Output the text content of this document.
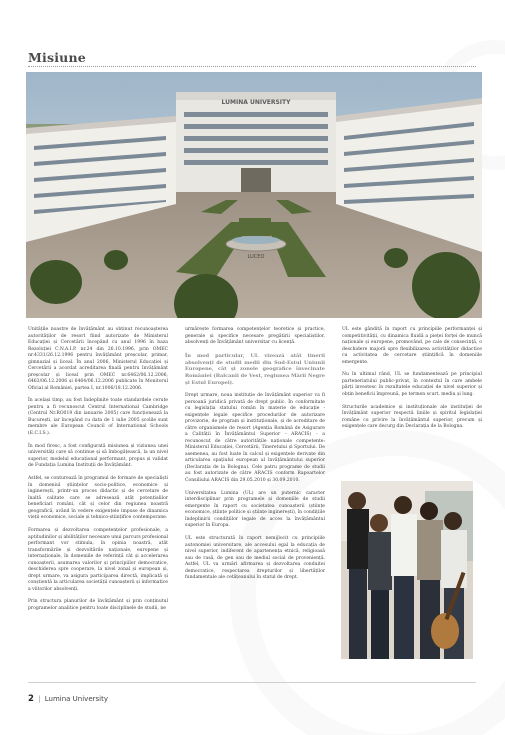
Misiune
LUMINA UNIVERSITY
LUCEO

Unitățile noastre de învățământ au obținut recunoașterea autorităților de resort fiind autorizate de Ministerul Educației și Cercetării începând cu anul 1996 în baza Rezoluției C.N.A.I.P. nr.24 din 26.10.1996, prin OMEC nr.4331/26.12.1996 pentru învățământ preșcolar, primar, gimnazial și liceal. În anul 2006, Ministerul Educației și Cercetării a acordat acreditarea finală pentru învățământ preșcolar și liceal prin OMEC nr.6462/06.12.2006, 6463/06.12.2006 și 6464/06.12.2006 publicate în Monitorul Oficial al României, partea I, nr.1006/18.12.2006.

În același timp, au fost îndeplinite toate standardele cerute pentru a fi recunoscut Centrul International Cambridge (Centrul Nr.RO019 din ianuarie 2005) care funcționează la București, iar începând cu data de 1 iulie 2005 școlile sunt membre ale European Council of International Schools (E.C.I.S.).

În mod firesc, a fost configurată misiunea și viziunea unei universități care să continue și să îmbogățească, la un nivel superior, modelul educațional performant, propus și validat de Fundația Lumina Instituții de Învățământ.

Astfel, se conturează în programul de formare de specialiști în domeniul științelor socio-politice, economice și inginerești, printr-un proces didactic și de cercetare de înaltă calitate care se adresează atât potențialilor beneficiari români, cât și celor din regiunea noastră geografică, având în vedere exigențele impuse de dinamica vieții economice, sociale și tehnico-științifice contemporane.

Formarea și dezvoltarea competențelor profesionale, a aptitudinilor și abilităților necesare unui parcurs profesional performant vor stimula, în opinia noastră, atât transformările și dezvoltările naționale, europene și internaționale, în domeniile de referință cât și accelerarea cunoașterii, asumarea valorilor și principiilor democratice, deschiderea spre cooperare, la nivel zonal și european și, drept urmare, va asigura participarea directă, implicată și conștientă la articularea societății cunoașterii și informatice a viitorilor absolvenți.

Prin structura planurilor de învățământ și prin conținutul programelor analitice pentru toate disciplinele de studii, ne

urmărește formarea competențelor teoretice și practice, generale și specifice necesare pregătirii specialiștilor, absolvenți de Învățământ universitar cu licență.

În mod particular, UL vizează atât tinerii absolvenți de studii medii din Sud-Estul Uniunii Europene, cât și zonele geografice învecinate României (Balcanii de Vest, regiunea Mării Negre și Estul Europei).

Drept urmare, noua instituție de învățământ superior va fi persoană juridică privată de drept public. În conformitate cu legislația statului român în materie de educație - exigențele legale specifice procedurilor de autorizare provizorie, de program și instituționale, și de acreditare de către organismele de resort (Agenția Română de Asigurare a Calității în Învățământul Superior - ARACIS) - a recunoscut de către autoritățile naționale competente: Ministerul Educației, Cercetării, Tineretului și Sportului. De asemenea, au fost luate în calcul și exigențele derivate din articularea spațiului european al învățământului superior (Declarația de la Bologna). Cele patru programe de studii au fost autorizate de către ARACIS conform Rapoartelor Consiliului ARACIS din 29.05.2010 și 30.09.2010.

Universitatea Lumina (UL) are un puternic caracter interdisciplinar prin programele și domeniile de studii emergente în raport cu societatea cunoașterii (științe economice, științe politice și științe inginerești), în condițiile îndeplinirii condițiilor legale de acces la învățământul superior în Europa.

UL este structurată în raport nemijlocit cu principiile autonomiei universitare, ale accesului egal la educația de nivel superior, indiferent de apartenența etnică, religioasă sau de rasă, de gen sau de mediul social de proveniență. Astfel, UL va urmări afirmarea și dezvoltarea conduitei democratice, respectarea drepturilor și libertăților fundamentale ale cetățeanului în statul de drept.

UL este gândită în raport cu principiile performanței și competitivității, cu dinamica fluidă a pieței forței de muncă naționale și europene, promovând, pe cale de consecință, o deschidere majoră spre flexibilizarea activităților didactice cu activitatea de cercetare științifică în domeniile emergente.

Nu în ultimul rând, UL se fundamentează pe principiul parteneriatului public-privat, în contextul în care ambele părți investesc în rezultatele educației de nivel superior și obțin beneficii împreună, pe termen scurt, mediu și lung.

Structurile academice și instituționale ale instituției de învățământ superior respectă liniile și spiritul legislației române cu privire la învățământul superior, precum și exigențele care decurg din Declarația de la Bologna.

2 | Lumina University
